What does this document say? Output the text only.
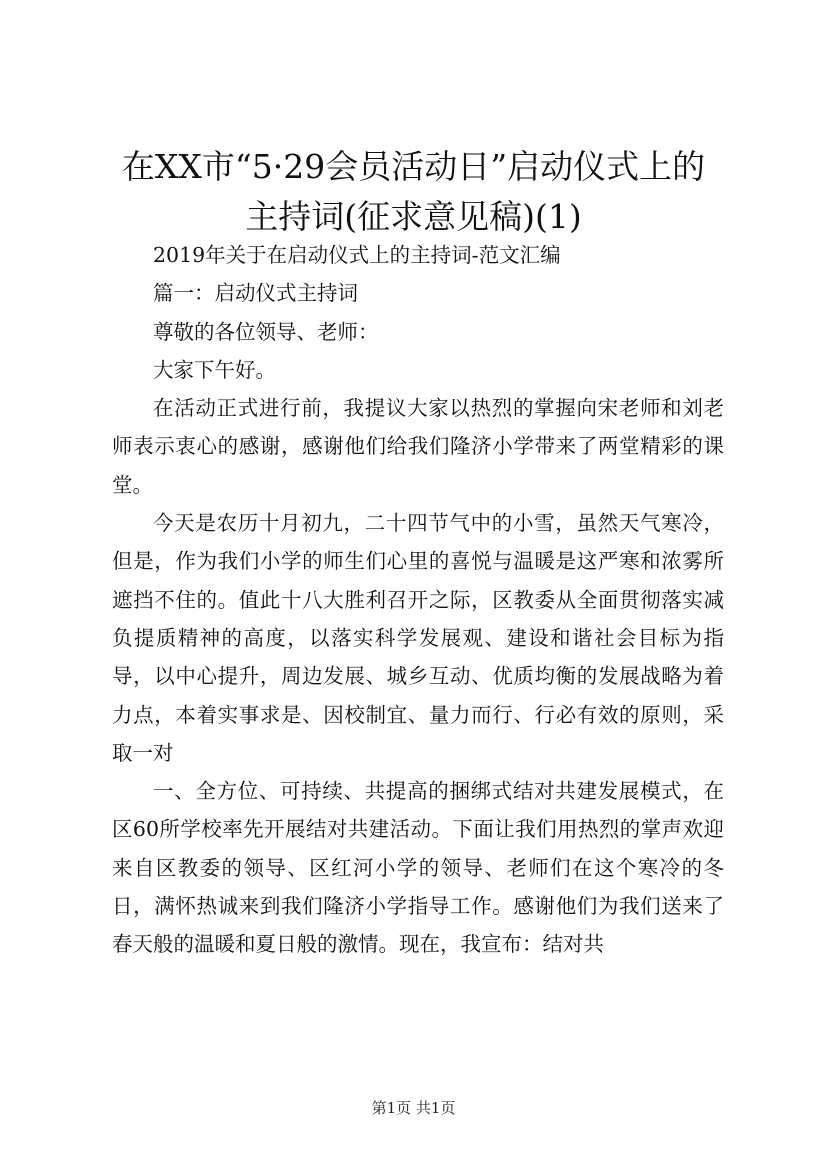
在XX市“5·29会员活动日”启动仪式上的
主持词(征求意见稿)(1)

2019年关于在启动仪式上的主持词-范文汇编

篇一：启动仪式主持词

尊敬的各位领导、老师：

大家下午好。

在活动正式进行前，我提议大家以热烈的掌握向宋老师和刘老师表示衷心的感谢，感谢他们给我们隆济小学带来了两堂精彩的课堂。

今天是农历十月初九，二十四节气中的小雪，虽然天气寒冷，但是，作为我们小学的师生们心里的喜悦与温暖是这严寒和浓雾所遮挡不住的。值此十八大胜利召开之际，区教委从全面贯彻落实减负提质精神的高度，以落实科学发展观、建设和谐社会目标为指导，以中心提升，周边发展、城乡互动、优质均衡的发展战略为着力点，本着实事求是、因校制宜、量力而行、行必有效的原则，采取一对

一、全方位、可持续、共提高的捆绑式结对共建发展模式，在区60所学校率先开展结对共建活动。下面让我们用热烈的掌声欢迎来自区教委的领导、区红河小学的领导、老师们在这个寒冷的冬日，满怀热诚来到我们隆济小学指导工作。感谢他们为我们送来了春天般的温暖和夏日般的激情。现在，我宣布：结对共

第1页 共1页
